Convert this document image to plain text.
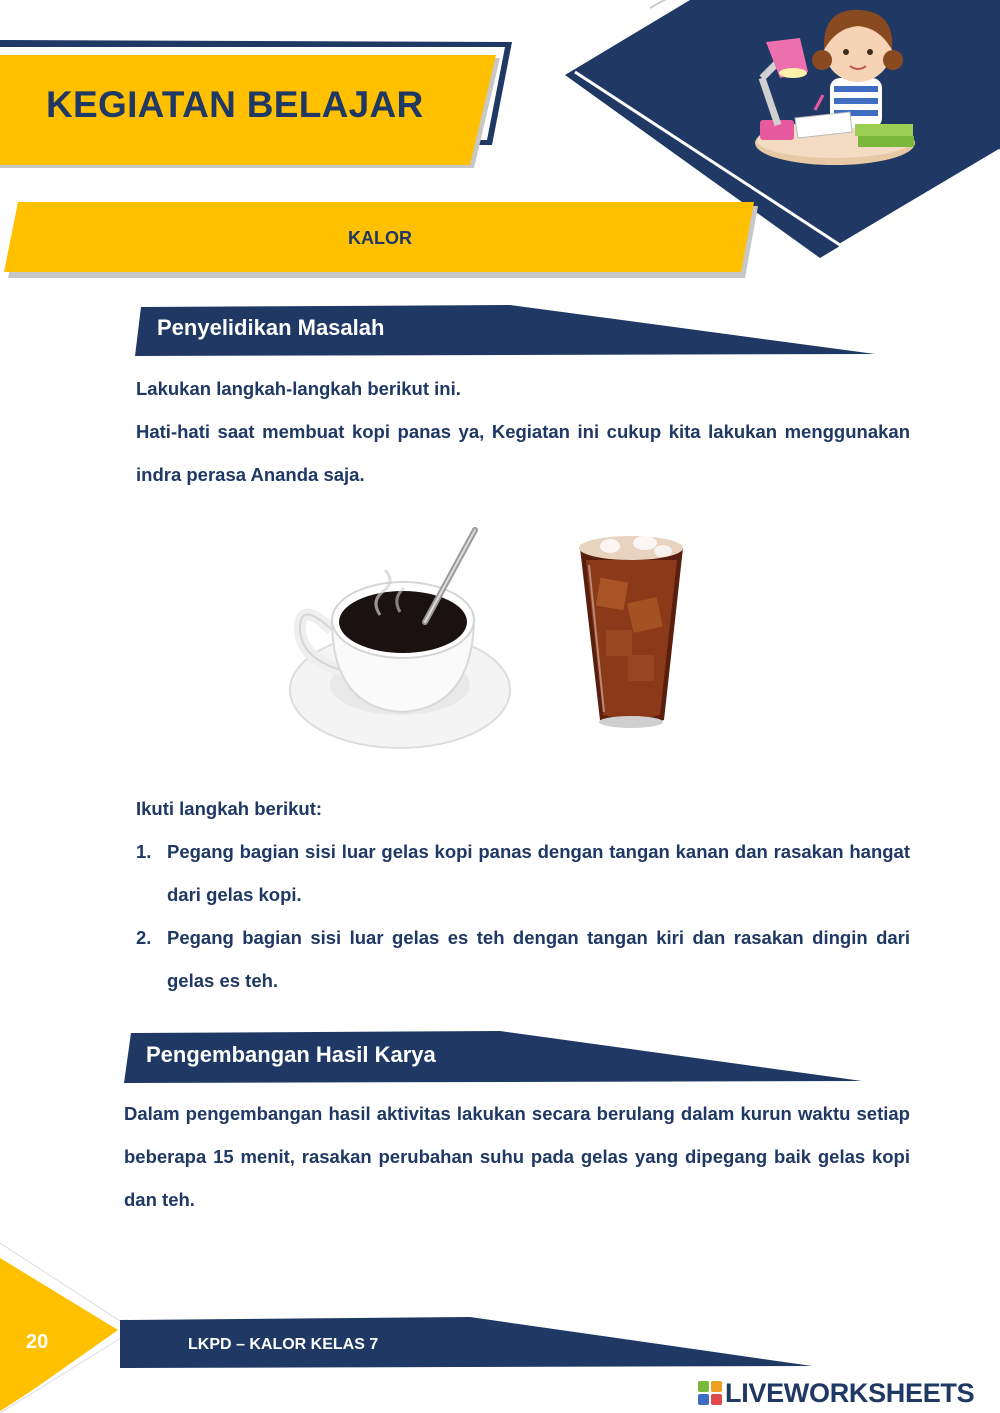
KEGIATAN BELAJAR
KALOR
Penyelidikan Masalah

Lakukan langkah-langkah berikut ini.

Hati-hati saat membuat kopi panas ya, Kegiatan ini cukup kita lakukan menggunakan indra perasa Ananda saja.

Ikuti langkah berikut:

1. Pegang bagian sisi luar gelas kopi panas dengan tangan kanan dan rasakan hangat dari gelas kopi.
2. Pegang bagian sisi luar gelas es teh dengan tangan kiri dan rasakan dingin dari gelas es teh.
Pengembangan Hasil Karya

Dalam pengembangan hasil aktivitas lakukan secara berulang dalam kurun waktu setiap beberapa 15 menit, rasakan perubahan suhu pada gelas yang dipegang baik gelas kopi dan teh.

20	LKPD – KALOR KELAS 7
LIVEWORKSHEETS
